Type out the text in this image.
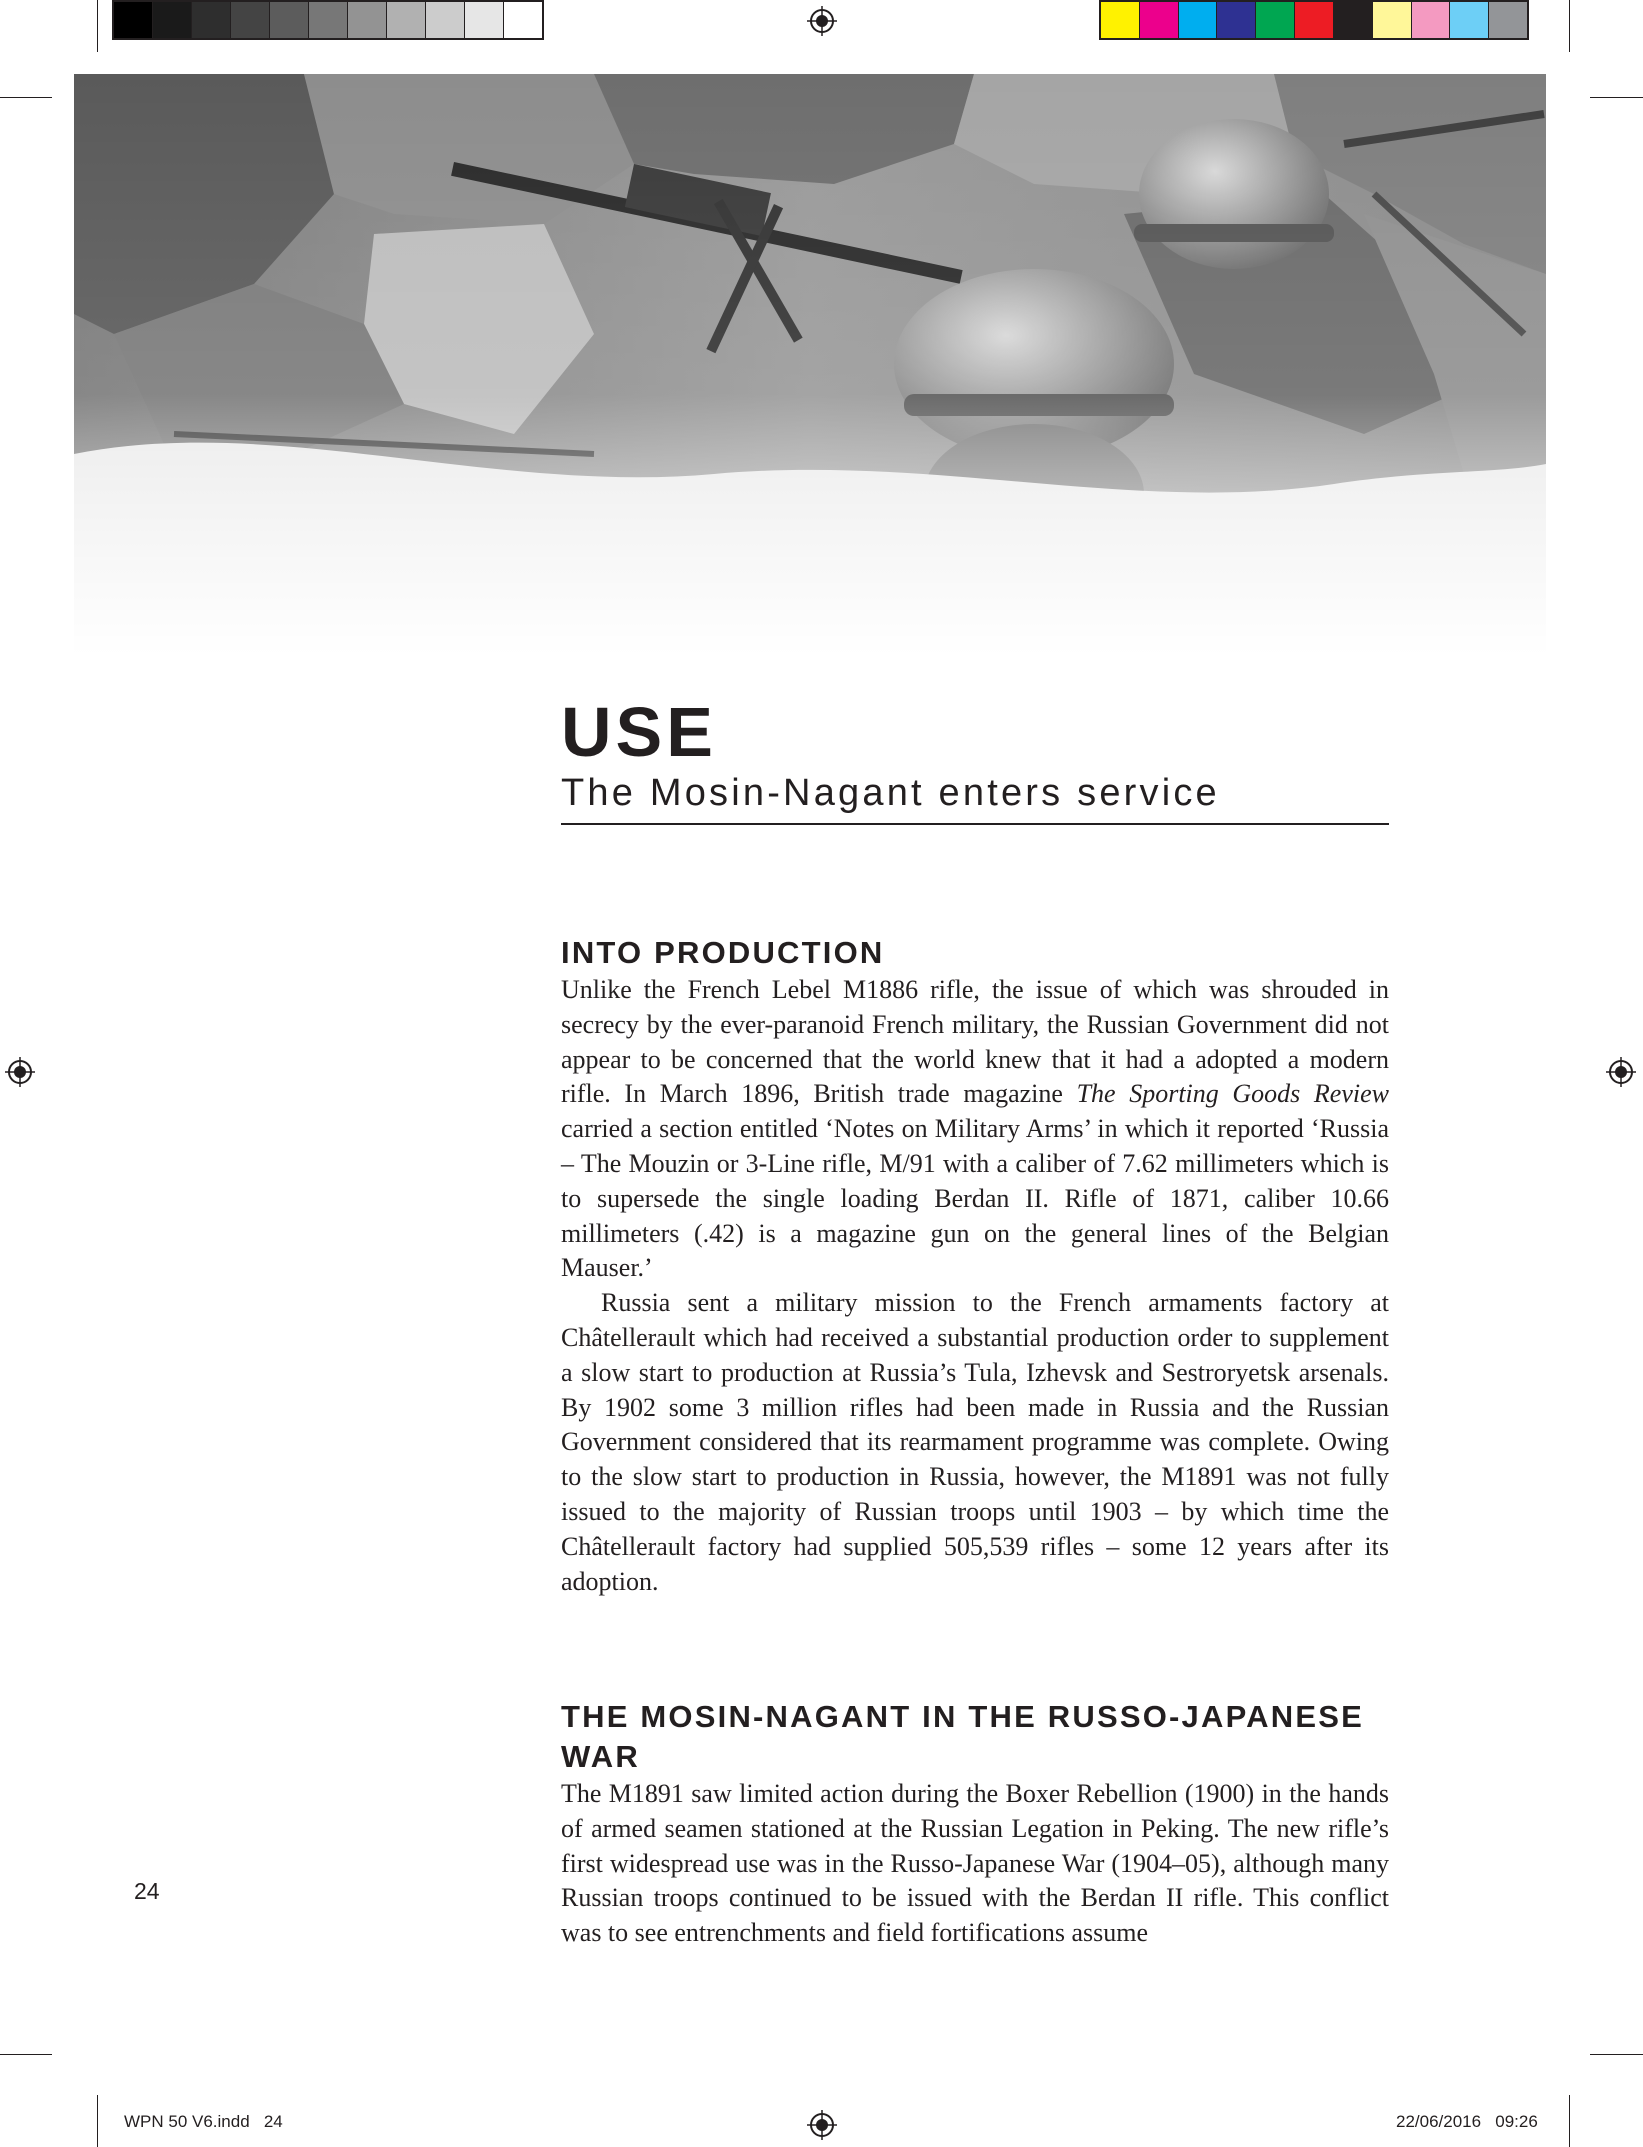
USE
The Mosin-Nagant enters service
INTO PRODUCTION

Unlike the French Lebel M1886 rifle, the issue of which was shrouded in secrecy by the ever-paranoid French military, the Russian Government did not appear to be concerned that the world knew that it had a adopted a modern rifle. In March 1896, British trade magazine The Sporting Goods Review carried a section entitled ‘Notes on Military Arms’ in which it reported ‘Russia – The Mouzin or 3-Line rifle, M/91 with a caliber of 7.62 millimeters which is to supersede the single loading Berdan II. Rifle of 1871, caliber 10.66 millimeters (.42) is a magazine gun on the general lines of the Belgian Mauser.’

Russia sent a military mission to the French armaments factory at Châtellerault which had received a substantial production order to supplement a slow start to production at Russia’s Tula, Izhevsk and Sestroryetsk arsenals. By 1902 some 3 million rifles had been made in Russia and the Russian Government considered that its rearmament programme was complete. Owing to the slow start to production in Russia, however, the M1891 was not fully issued to the majority of Russian troops until 1903 – by which time the Châtellerault factory had supplied 505,539 rifles – some 12 years after its adoption.

THE MOSIN-NAGANT IN THE RUSSO-JAPANESE WAR

The M1891 saw limited action during the Boxer Rebellion (1900) in the hands of armed seamen stationed at the Russian Legation in Peking. The new rifle’s first widespread use was in the Russo-Japanese War (1904–05), although many Russian troops continued to be issued with the Berdan II rifle. This conflict was to see entrenchments and field fortifications assume

24
WPN 50 V6.indd   24	22/06/2016   09:26
